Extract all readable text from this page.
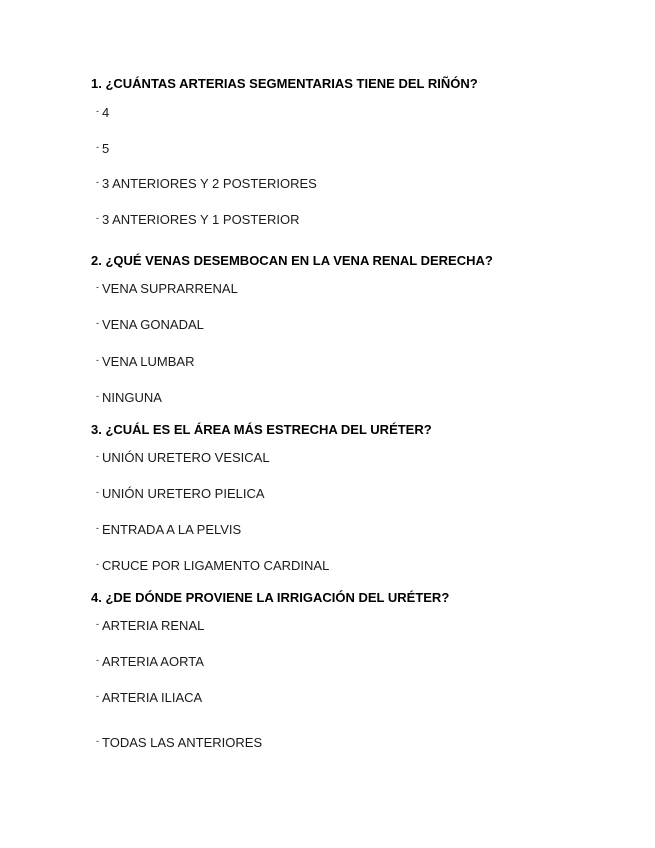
1. ¿CUÁNTAS ARTERIAS SEGMENTARIAS TIENE DEL RIÑÓN?
- 4
- 5
- 3 ANTERIORES Y 2 POSTERIORES
- 3 ANTERIORES Y 1 POSTERIOR
2. ¿QUÉ VENAS DESEMBOCAN EN LA VENA RENAL DERECHA?
- VENA SUPRARRENAL
- VENA GONADAL
- VENA LUMBAR
- NINGUNA
3. ¿CUÁL ES EL ÁREA MÁS ESTRECHA DEL URÉTER?
- UNIÓN URETERO VESICAL
- UNIÓN URETERO PIELICA
- ENTRADA A LA PELVIS
- CRUCE POR LIGAMENTO CARDINAL
4. ¿DE DÓNDE PROVIENE LA IRRIGACIÓN DEL URÉTER?
- ARTERIA RENAL
- ARTERIA AORTA
- ARTERIA ILIACA
- TODAS LAS ANTERIORES
